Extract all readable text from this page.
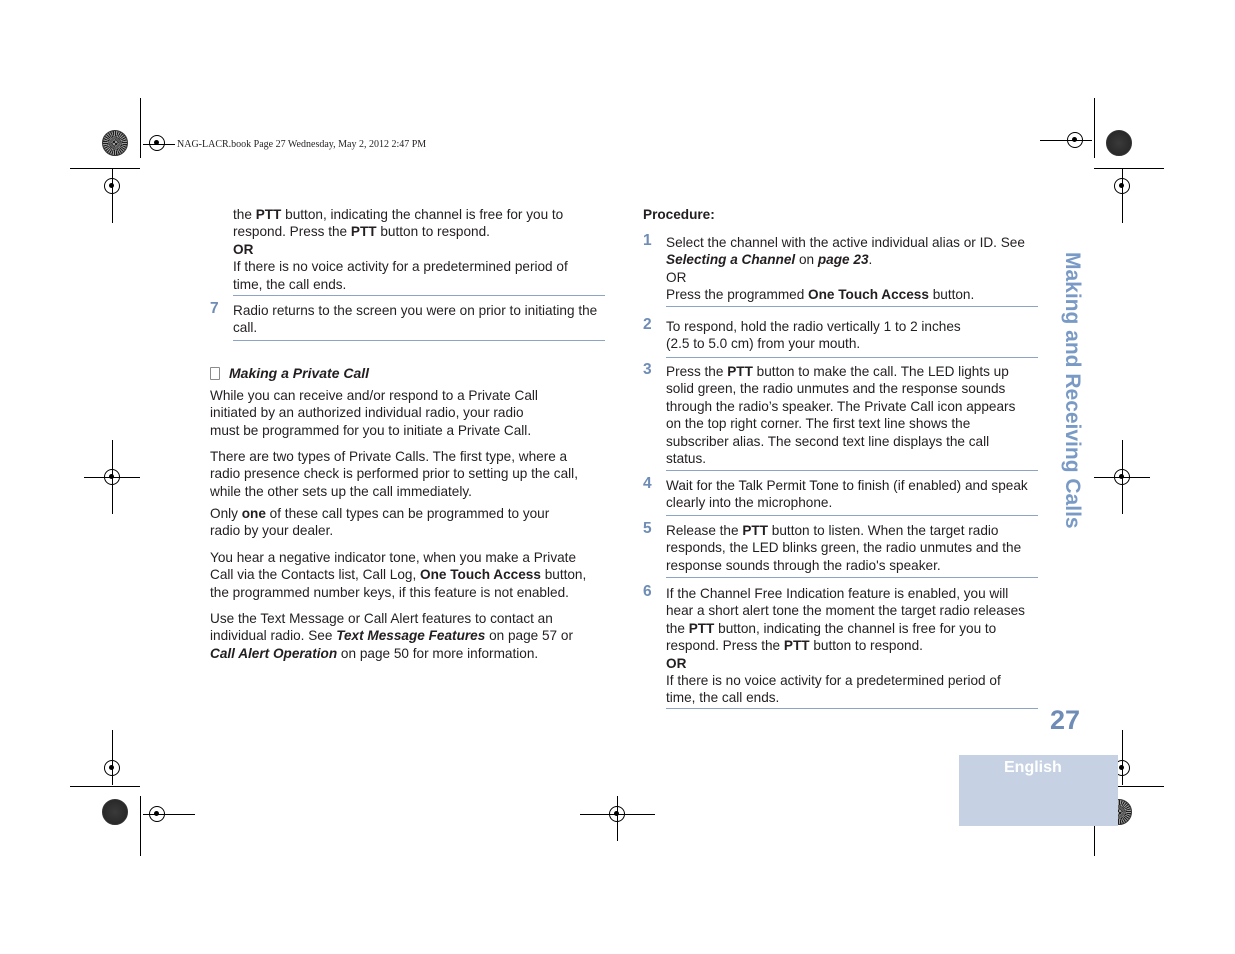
NAG-LACR.book Page 27 Wednesday, May 2, 2012 2:47 PM

the PTT button, indicating the channel is free for you to

respond. Press the PTT button to respond.

OR

If there is no voice activity for a predetermined period of

time, the call ends.

7 Radio returns to the screen you were on prior to initiating the

call.

Making a Private Call

While you can receive and/or respond to a Private Call

initiated by an authorized individual radio, your radio

must be programmed for you to initiate a Private Call.

There are two types of Private Calls. The first type, where a

radio presence check is performed prior to setting up the call,

while the other sets up the call immediately.

Only one of these call types can be programmed to your

radio by your dealer.

You hear a negative indicator tone, when you make a Private

Call via the Contacts list, Call Log, One Touch Access button,

the programmed number keys, if this feature is not enabled.

Use the Text Message or Call Alert features to contact an

individual radio. See Text Message Features on page 57 or

Call Alert Operation on page 50 for more information.

Procedure:
1 Select the channel with the active individual alias or ID. See

Selecting a Channel on page 23.

OR

Press the programmed One Touch Access button.

2 To respond, hold the radio vertically 1 to 2 inches

(2.5 to 5.0 cm) from your mouth.

3 Press the PTT button to make the call. The LED lights up

solid green, the radio unmutes and the response sounds

through the radio’s speaker. The Private Call icon appears

on the top right corner. The first text line shows the

subscriber alias. The second text line displays the call

status.

4 Wait for the Talk Permit Tone to finish (if enabled) and speak

clearly into the microphone.

5 Release the PTT button to listen. When the target radio

responds, the LED blinks green, the radio unmutes and the

response sounds through the radio's speaker.

6 If the Channel Free Indication feature is enabled, you will

hear a short alert tone the moment the target radio releases

the PTT button, indicating the channel is free for you to

respond. Press the PTT button to respond.

OR

If there is no voice activity for a predetermined period of

time, the call ends.

Making and Receiving Calls
27
English
